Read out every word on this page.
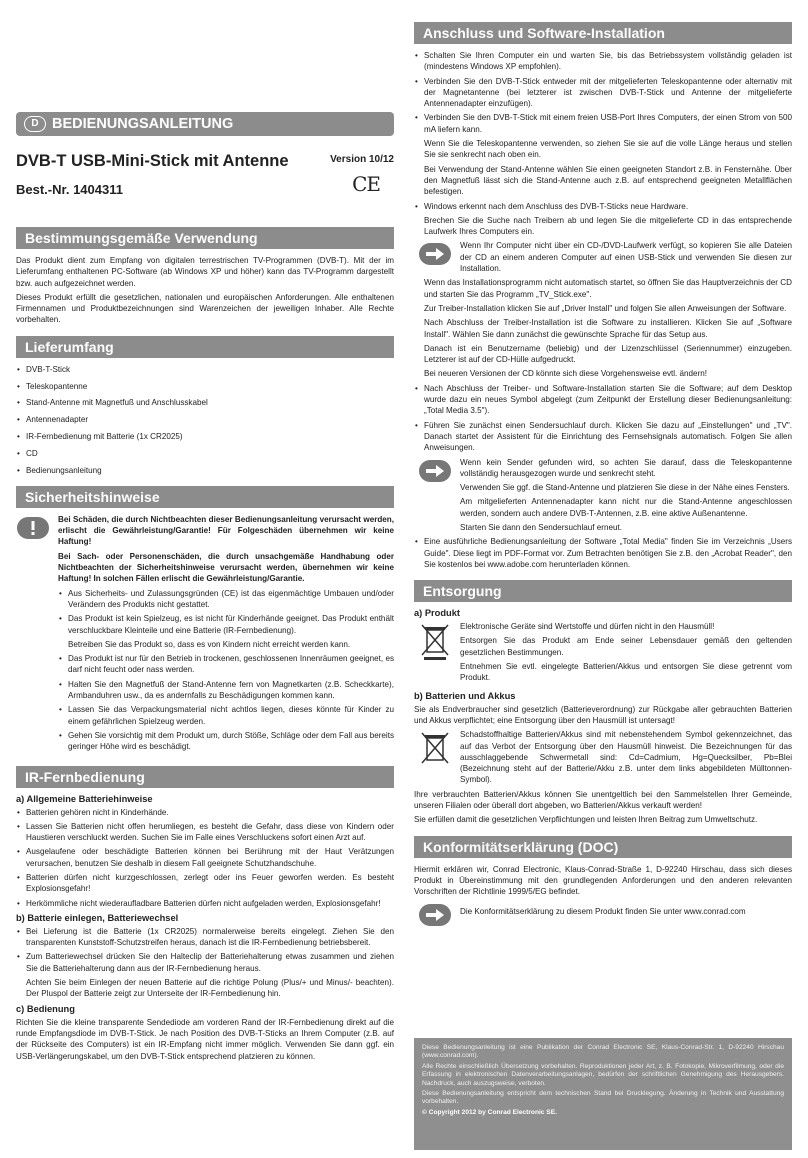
D BEDIENUNGSANLEITUNG
DVB-T USB-Mini-Stick mit Antenne
Best.-Nr. 1404311
Version 10/12
CE
Bestimmungsgemäße Verwendung
Das Produkt dient zum Empfang von digitalen terrestrischen TV-Programmen (DVB-T). Mit der im Lieferumfang enthaltenen PC-Software (ab Windows XP und höher) kann das TV-Programm dargestellt bzw. auch aufgezeichnet werden.
Dieses Produkt erfüllt die gesetzlichen, nationalen und europäischen Anforderungen. Alle enthaltenen Firmennamen und Produktbezeichnungen sind Warenzeichen der jeweiligen Inhaber. Alle Rechte vorbehalten.
Lieferumfang
• DVB-T-Stick
• Teleskopantenne
• Stand-Antenne mit Magnetfuß und Anschlusskabel
• Antennenadapter
• IR-Fernbedienung mit Batterie (1x CR2025)
• CD
• Bedienungsanleitung
Sicherheitshinweise
Bei Schäden, die durch Nichtbeachten dieser Bedienungsanleitung verursacht werden, erlischt die Gewährleistung/Garantie! Für Folgeschäden übernehmen wir keine Haftung!
Bei Sach- oder Personenschäden, die durch unsachgemäße Handhabung oder Nichtbeachten der Sicherheitshinweise verursacht werden, übernehmen wir keine Haftung! In solchen Fällen erlischt die Gewährleistung/Garantie.
• Aus Sicherheits- und Zulassungsgründen (CE) ist das eigenmächtige Umbauen und/oder Verändern des Produkts nicht gestattet.
• Das Produkt ist kein Spielzeug, es ist nicht für Kinderhände geeignet. Das Produkt enthält verschluckbare Kleinteile und eine Batterie (IR-Fernbedienung).
Betreiben Sie das Produkt so, dass es von Kindern nicht erreicht werden kann.
• Das Produkt ist nur für den Betrieb in trockenen, geschlossenen Innenräumen geeignet, es darf nicht feucht oder nass werden.
• Halten Sie den Magnetfuß der Stand-Antenne fern von Magnetkarten (z.B. Scheckkarte), Armbanduhren usw., da es andernfalls zu Beschädigungen kommen kann.
• Lassen Sie das Verpackungsmaterial nicht achtlos liegen, dieses könnte für Kinder zu einem gefährlichen Spielzeug werden.
• Gehen Sie vorsichtig mit dem Produkt um, durch Stöße, Schläge oder dem Fall aus bereits geringer Höhe wird es beschädigt.
IR-Fernbedienung
a) Allgemeine Batteriehinweise
• Batterien gehören nicht in Kinderhände.
• Lassen Sie Batterien nicht offen herumliegen, es besteht die Gefahr, dass diese von Kindern oder Haustieren verschluckt werden. Suchen Sie im Falle eines Verschluckens sofort einen Arzt auf.
• Ausgelaufene oder beschädigte Batterien können bei Berührung mit der Haut Verätzungen verursachen, benutzen Sie deshalb in diesem Fall geeignete Schutzhandschuhe.
• Batterien dürfen nicht kurzgeschlossen, zerlegt oder ins Feuer geworfen werden. Es besteht Explosionsgefahr!
• Herkömmliche nicht wiederaufladbare Batterien dürfen nicht aufgeladen werden, Explosionsgefahr!
b) Batterie einlegen, Batteriewechsel
• Bei Lieferung ist die Batterie (1x CR2025) normalerweise bereits eingelegt. Ziehen Sie den transparenten Kunststoff-Schutzstreifen heraus, danach ist die IR-Fernbedienung betriebsbereit.
• Zum Batteriewechsel drücken Sie den Halteclip der Batteriehalterung etwas zusammen und ziehen Sie die Batteriehalterung dann aus der IR-Fernbedienung heraus.
Achten Sie beim Einlegen der neuen Batterie auf die richtige Polung (Plus/+ und Minus/- beachten). Der Pluspol der Batterie zeigt zur Unterseite der IR-Fernbedienung hin.
c) Bedienung
Richten Sie die kleine transparente Sendediode am vorderen Rand der IR-Fernbedienung direkt auf die runde Empfangsdiode im DVB-T-Stick. Je nach Position des DVB-T-Sticks an Ihrem Computer (z.B. auf der Rückseite des Computers) ist ein IR-Empfang nicht immer möglich. Verwenden Sie dann ggf. ein USB-Verlängerungskabel, um den DVB-T-Stick entsprechend platzieren zu können.
Anschluss und Software-Installation
• Schalten Sie Ihren Computer ein und warten Sie, bis das Betriebssystem vollständig geladen ist (mindestens Windows XP empfohlen).
• Verbinden Sie den DVB-T-Stick entweder mit der mitgelieferten Teleskopantenne oder alternativ mit der Magnetantenne (bei letzterer ist zwischen DVB-T-Stick und Antenne der mitgelieferte Antennenadapter einzufügen).
• Verbinden Sie den DVB-T-Stick mit einem freien USB-Port Ihres Computers, der einen Strom von 500 mA liefern kann.
Wenn Sie die Teleskopantenne verwenden, so ziehen Sie sie auf die volle Länge heraus und stellen Sie sie senkrecht nach oben ein.
Bei Verwendung der Stand-Antenne wählen Sie einen geeigneten Standort z.B. in Fensternähe. Über den Magnetfuß lässt sich die Stand-Antenne auch z.B. auf entsprechend geeigneten Metallflächen befestigen.
• Windows erkennt nach dem Anschluss des DVB-T-Sticks neue Hardware.
Brechen Sie die Suche nach Treibern ab und legen Sie die mitgelieferte CD in das entsprechende Laufwerk Ihres Computers ein.
Wenn Ihr Computer nicht über ein CD-/DVD-Laufwerk verfügt, so kopieren Sie alle Dateien der CD an einem anderen Computer auf einen USB-Stick und verwenden Sie diesen zur Installation.
Wenn das Installationsprogramm nicht automatisch startet, so öffnen Sie das Hauptverzeichnis der CD und starten Sie das Programm „TV_Stick.exe".
Zur Treiber-Installation klicken Sie auf „Driver Install" und folgen Sie allen Anweisungen der Software.
Nach Abschluss der Treiber-Installation ist die Software zu installieren. Klicken Sie auf „Software Install". Wählen Sie dann zunächst die gewünschte Sprache für das Setup aus.
Danach ist ein Benutzername (beliebig) und der Lizenzschlüssel (Seriennummer) einzugeben. Letzterer ist auf der CD-Hülle aufgedruckt.
Bei neueren Versionen der CD könnte sich diese Vorgehensweise evtl. ändern!
• Nach Abschluss der Treiber- und Software-Installation starten Sie die Software; auf dem Desktop wurde dazu ein neues Symbol abgelegt (zum Zeitpunkt der Erstellung dieser Bedienungsanleitung: „Total Media 3.5").
• Führen Sie zunächst einen Sendersuchlauf durch. Klicken Sie dazu auf „Einstellungen" und „TV". Danach startet der Assistent für die Einrichtung des Fernsehsignals automatisch. Folgen Sie allen Anweisungen.
Wenn kein Sender gefunden wird, so achten Sie darauf, dass die Teleskopantenne vollständig herausgezogen wurde und senkrecht steht.
Verwenden Sie ggf. die Stand-Antenne und platzieren Sie diese in der Nähe eines Fensters.
Am mitgelieferten Antennenadapter kann nicht nur die Stand-Antenne angeschlossen werden, sondern auch andere DVB-T-Antennen, z.B. eine aktive Außenantenne.
Starten Sie dann den Sendersuchlauf erneut.
• Eine ausführliche Bedienungsanleitung der Software „Total Media" finden Sie im Verzeichnis „Users Guide". Diese liegt im PDF-Format vor. Zum Betrachten benötigen Sie z.B. den „Acrobat Reader", den Sie kostenlos bei www.adobe.com herunterladen können.
Entsorgung
a) Produkt
Elektronische Geräte sind Wertstoffe und dürfen nicht in den Hausmüll!
Entsorgen Sie das Produkt am Ende seiner Lebensdauer gemäß den geltenden gesetzlichen Bestimmungen.
Entnehmen Sie evtl. eingelegte Batterien/Akkus und entsorgen Sie diese getrennt vom Produkt.
b) Batterien und Akkus
Sie als Endverbraucher sind gesetzlich (Batterieverordnung) zur Rückgabe aller gebrauchten Batterien und Akkus verpflichtet; eine Entsorgung über den Hausmüll ist untersagt!
Schadstoffhaltige Batterien/Akkus sind mit nebenstehendem Symbol gekennzeichnet, das auf das Verbot der Entsorgung über den Hausmüll hinweist. Die Bezeichnungen für das ausschlaggebende Schwermetall sind: Cd=Cadmium, Hg=Quecksilber, Pb=Blei (Bezeichnung steht auf der Batterie/Akku z.B. unter dem links abgebildeten Mülltonnen-Symbol).
Ihre verbrauchten Batterien/Akkus können Sie unentgeltlich bei den Sammelstellen Ihrer Gemeinde, unseren Filialen oder überall dort abgeben, wo Batterien/Akkus verkauft werden!
Sie erfüllen damit die gesetzlichen Verpflichtungen und leisten Ihren Beitrag zum Umweltschutz.
Konformitätserklärung (DOC)
Hiermit erklären wir, Conrad Electronic, Klaus-Conrad-Straße 1, D-92240 Hirschau, dass sich dieses Produkt in Übereinstimmung mit den grundlegenden Anforderungen und den anderen relevanten Vorschriften der Richtlinie 1999/5/EG befindet.
Die Konformitätserklärung zu diesem Produkt finden Sie unter www.conrad.com
Diese Bedienungsanleitung ist eine Publikation der Conrad Electronic SE, Klaus-Conrad-Str. 1, D-92240 Hirschau (www.conrad.com).
Alle Rechte einschließlich Übersetzung vorbehalten. Reproduktionen jeder Art, z. B. Fotokopie, Mikroverfilmung, oder die Erfassung in elektronischen Datenverarbeitungsanlagen, bedürfen der schriftlichen Genehmigung des Herausgebers. Nachdruck, auch auszugsweise, verboten.
Diese Bedienungsanleitung entspricht dem technischen Stand bei Drucklegung. Änderung in Technik und Ausstattung vorbehalten.
© Copyright 2012 by Conrad Electronic SE.
